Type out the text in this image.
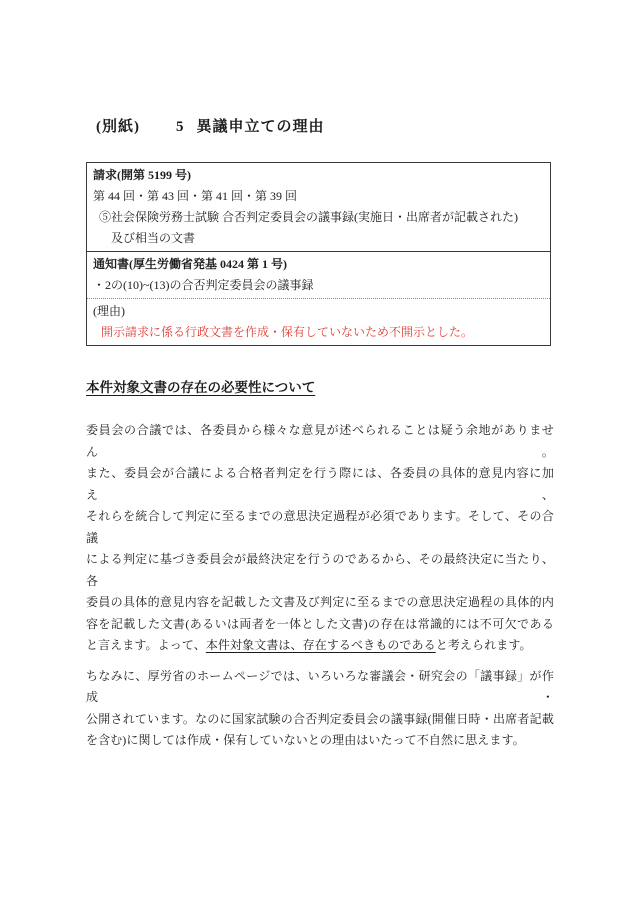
(別紙) 5 異議申立ての理由
請求(開第 5199 号)
第 44 回・第 43 回・第 41 回・第 39 回
⑤社会保険労務士試験 合否判定委員会の議事録(実施日・出席者が記載された)
及び相当の文書
通知書(厚生労働省発基 0424 第 1 号)
・2の(10)~(13)の合否判定委員会の議事録
(理由)
開示請求に係る行政文書を作成・保有していないため不開示とした。
本件対象文書の存在の必要性について
委員会の合議では、各委員から様々な意見が述べられることは疑う余地がありません。
また、委員会が合議による合格者判定を行う際には、各委員の具体的意見内容に加え、
それらを統合して判定に至るまでの意思決定過程が必須であります。そして、その合議
による判定に基づき委員会が最終決定を行うのであるから、その最終決定に当たり、各
委員の具体的意見内容を記載した文書及び判定に至るまでの意思決定過程の具体的内
容を記載した文書(あるいは両者を一体とした文書)の存在は常識的には不可欠である
と言えます。よって、本件対象文書は、存在するべきものであると考えられます。
ちなみに、厚労省のホームページでは、いろいろな審議会・研究会の「議事録」が作成・
公開されています。なのに国家試験の合否判定委員会の議事録(開催日時・出席者記載
を含む)に関しては作成・保有していないとの理由はいたって不自然に思えます。
